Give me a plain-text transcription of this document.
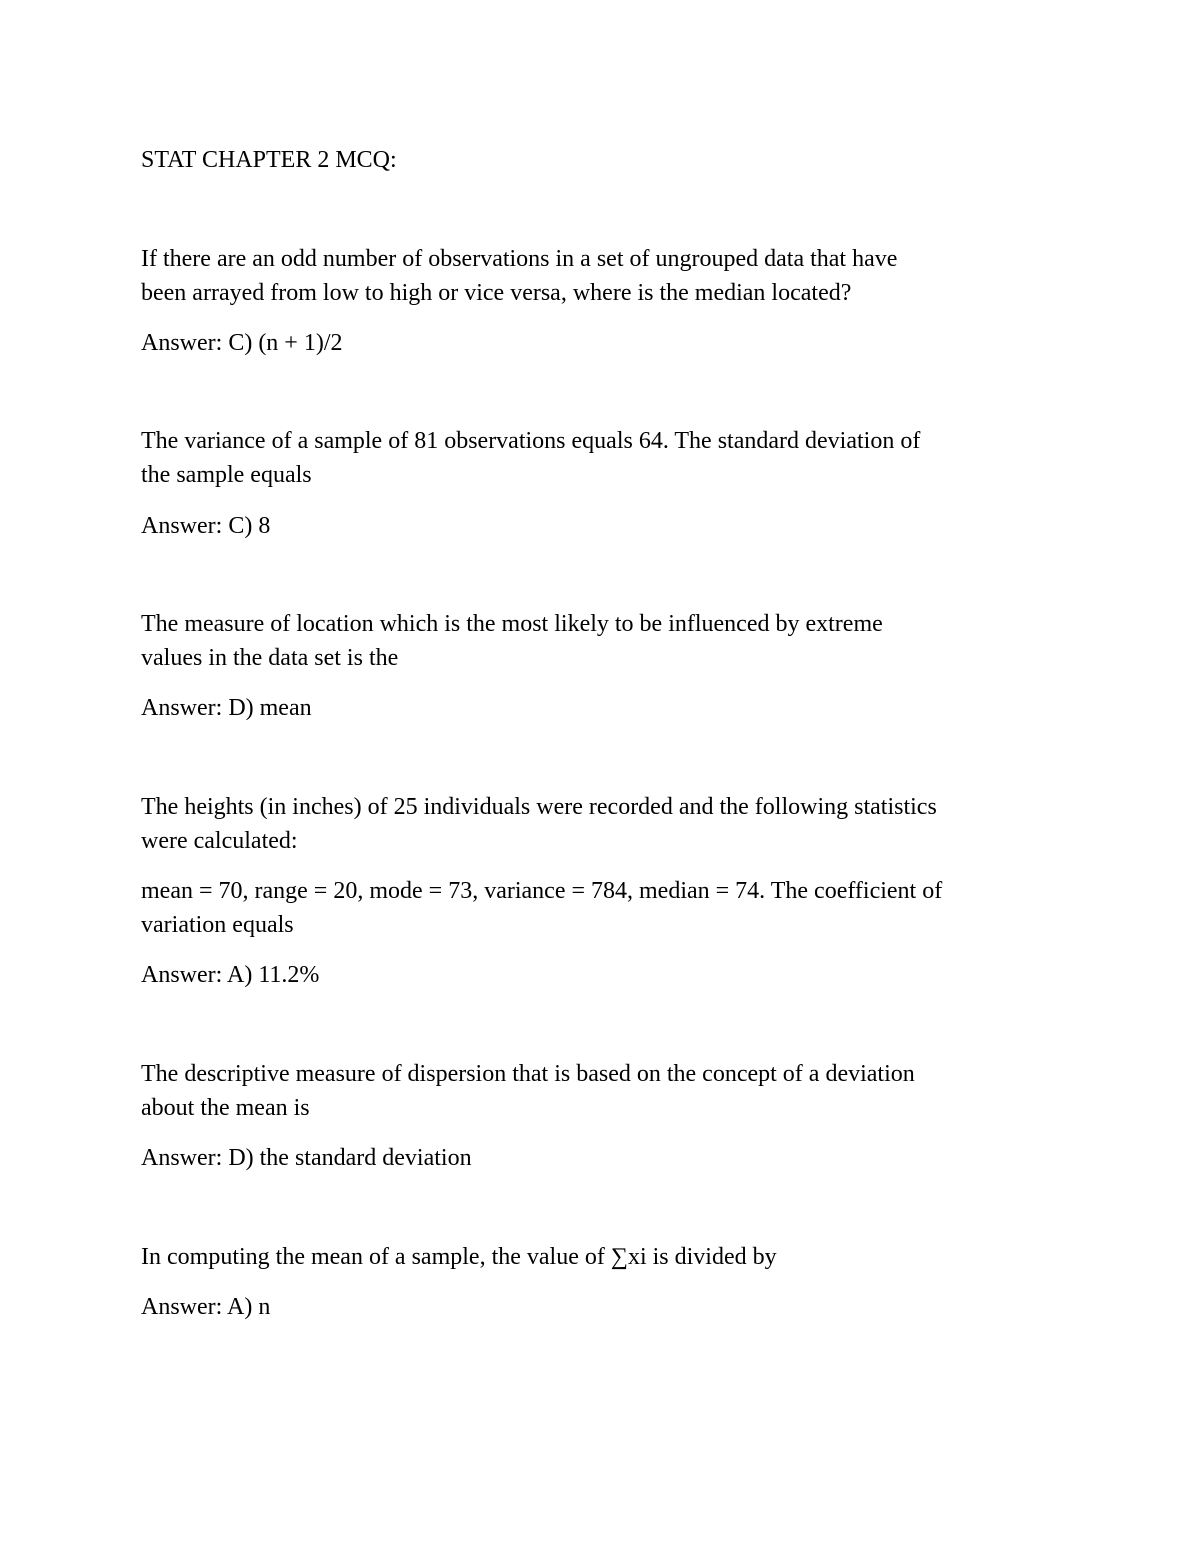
STAT CHAPTER 2 MCQ:
If there are an odd number of observations in a set of ungrouped data that have
been arrayed from low to high or vice versa, where is the median located?
Answer: C) (n + 1)/2
The variance of a sample of 81 observations equals 64. The standard deviation of
the sample equals
Answer: C) 8
The measure of location which is the most likely to be influenced by extreme
values in the data set is the
Answer: D) mean
The heights (in inches) of 25 individuals were recorded and the following statistics
were calculated:
mean = 70, range = 20, mode = 73, variance = 784, median = 74. The coefficient of
variation equals
Answer: A) 11.2%
The descriptive measure of dispersion that is based on the concept of a deviation
about the mean is
Answer: D) the standard deviation
In computing the mean of a sample, the value of ∑xi is divided by
Answer: A) n
